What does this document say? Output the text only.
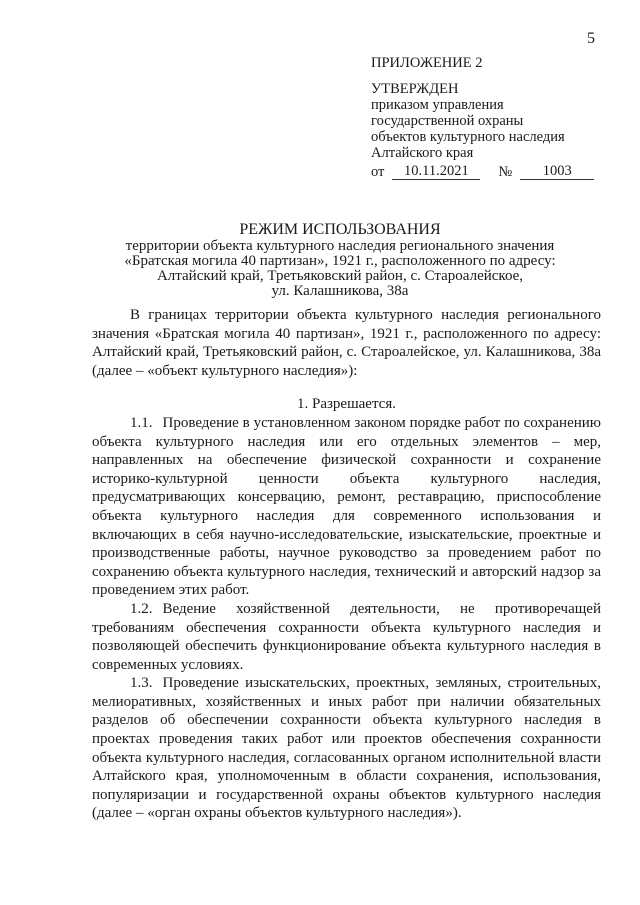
5
ПРИЛОЖЕНИЕ 2
УТВЕРЖДЕН
приказом управления
государственной охраны
объектов культурного наследия
Алтайского края
от	10.11.2021	№	1003
РЕЖИМ ИСПОЛЬЗОВАНИЯ
территории объекта культурного наследия регионального значения
«Братская могила 40 партизан», 1921 г., расположенного по адресу:
Алтайский край, Третьяковский район, с. Староалейское,
ул. Калашникова, 38а

В границах территории объекта культурного наследия регионального значения «Братская могила 40 партизан», 1921 г., расположенного по адресу: Алтайский край, Третьяковский район, с. Староалейское, ул. Калашникова, 38а (далее – «объект культурного наследия»):

1. Разрешается.

1.1. Проведение в установленном законом порядке работ по сохранению объекта культурного наследия или его отдельных элементов – мер, направленных на обеспечение физической сохранности и сохранение историко-культурной ценности объекта культурного наследия, предусматривающих консервацию, ремонт, реставрацию, приспособление объекта культурного наследия для современного использования и включающих в себя научно-исследовательские, изыскательские, проектные и производственные работы, научное руководство за проведением работ по сохранению объекта культурного наследия, технический и авторский надзор за проведением этих работ.

1.2. Ведение хозяйственной деятельности, не противоречащей требованиям обеспечения сохранности объекта культурного наследия и позволяющей обеспечить функционирование объекта культурного наследия в современных условиях.

1.3. Проведение изыскательских, проектных, земляных, строительных, мелиоративных, хозяйственных и иных работ при наличии обязательных разделов об обеспечении сохранности объекта культурного наследия в проектах проведения таких работ или проектов обеспечения сохранности объекта культурного наследия, согласованных органом исполнительной власти Алтайского края, уполномоченным в области сохранения, использования, популяризации и государственной охраны объектов культурного наследия (далее – «орган охраны объектов культурного наследия»).
